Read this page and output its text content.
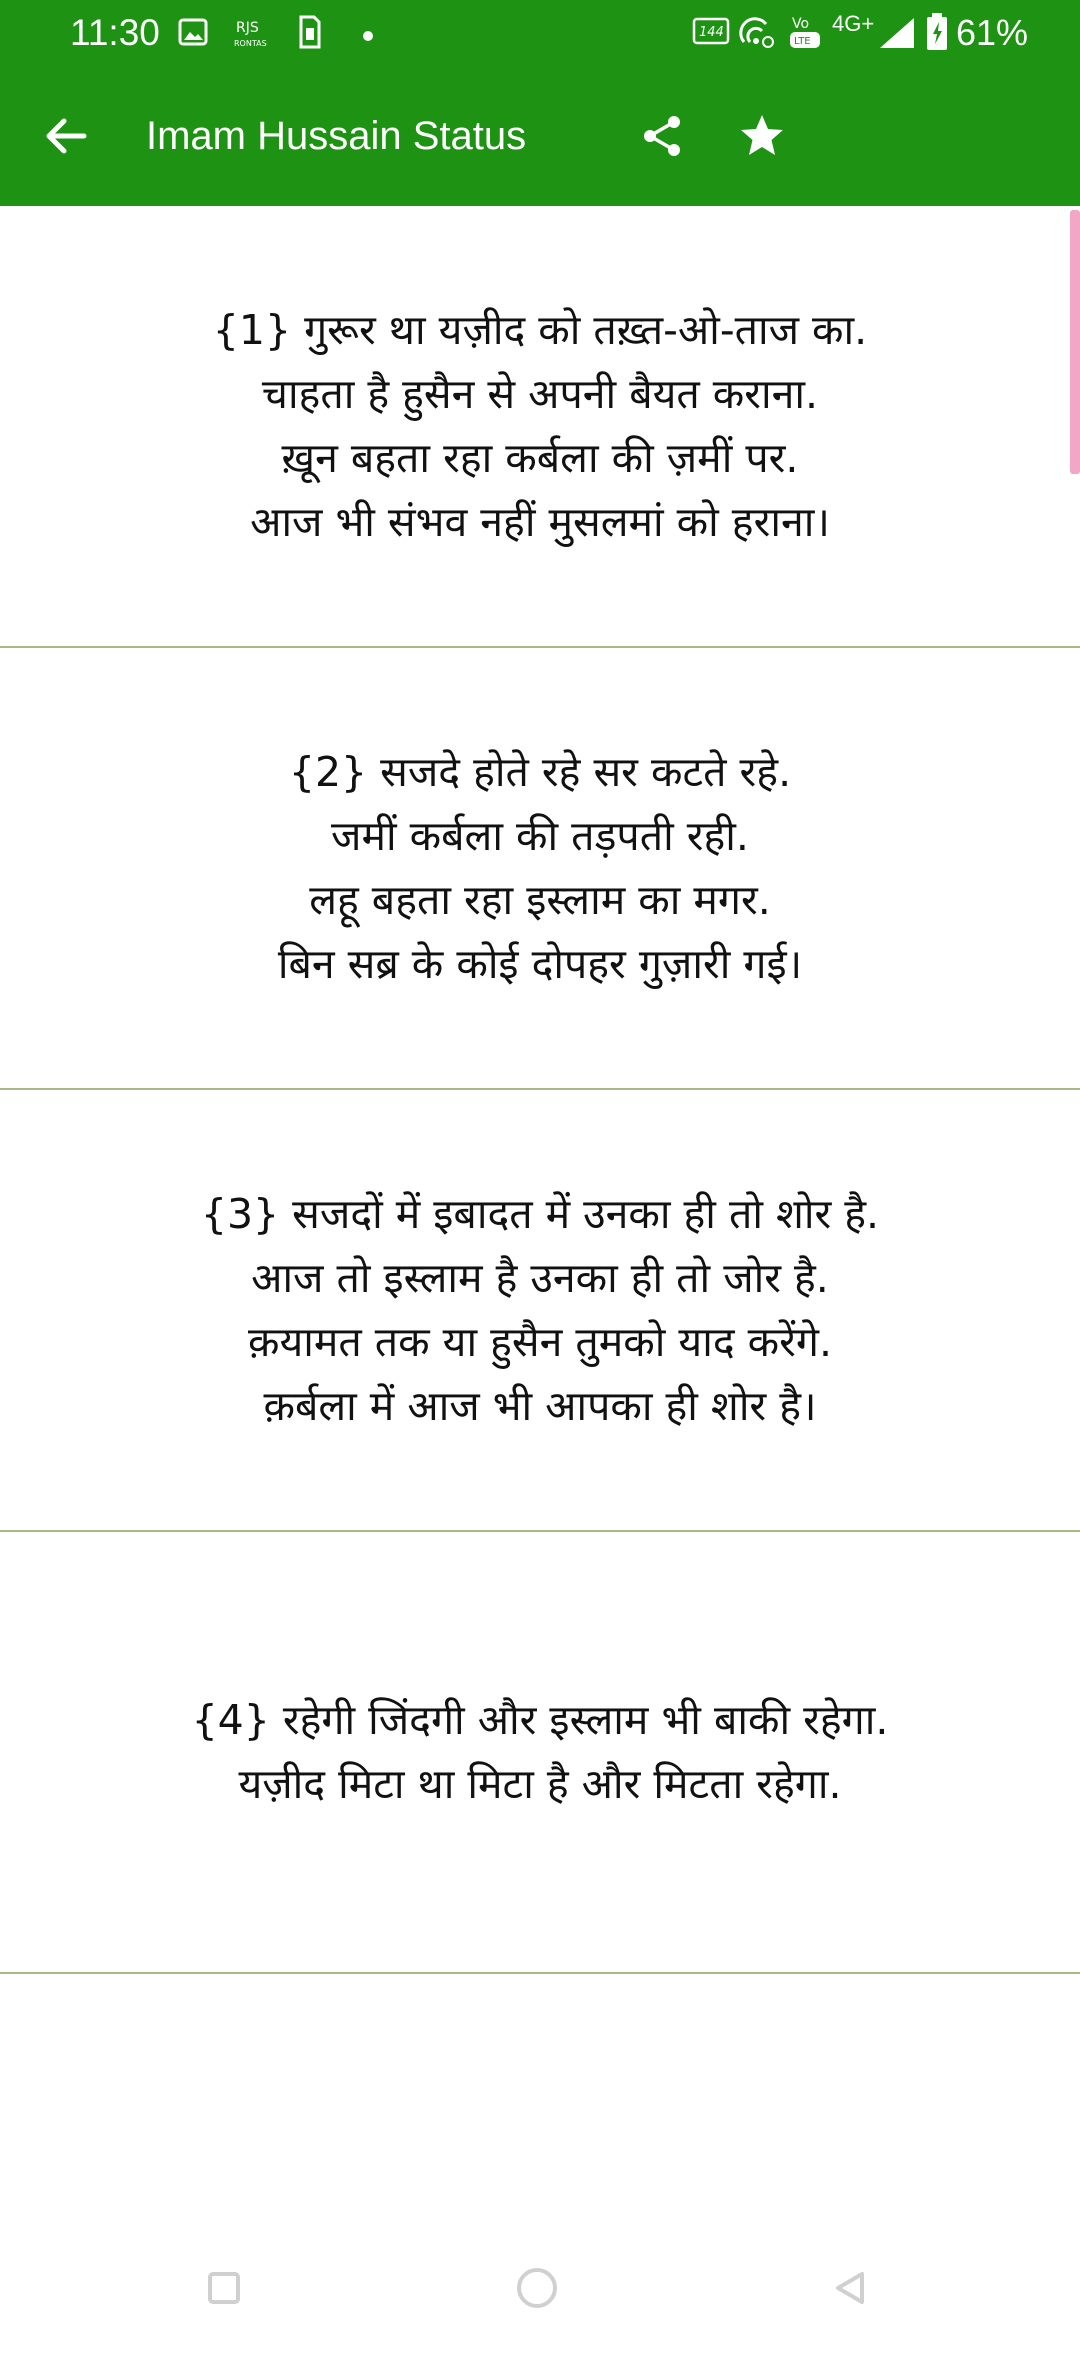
11:30	RJS
RONTAS
144
Vo
LTE
4G+ 61%
Imam Hussain Status
{1} गुरूर था यज़ीद को तख़्त-ओ-ताज का.
चाहता है हुसैन से अपनी बैयत कराना.
ख़ून बहता रहा कर्बला की ज़मीं पर.
आज भी संभव नहीं मुसलमां को हराना।
{2} सजदे होते रहे सर कटते रहे.
जमीं कर्बला की तड़पती रही.
लहू बहता रहा इस्लाम का मगर.
बिन सब्र के कोई दोपहर गुज़ारी गई।
{3} सजदों में इबादत में उनका ही तो शोर है.
आज तो इस्लाम है उनका ही तो जोर है.
क़यामत तक या हुसैन तुमको याद करेंगे.
क़र्बला में आज भी आपका ही शोर है।
{4} रहेगी जिंदगी और इस्लाम भी बाकी रहेगा.
यज़ीद मिटा था मिटा है और मिटता रहेगा.
